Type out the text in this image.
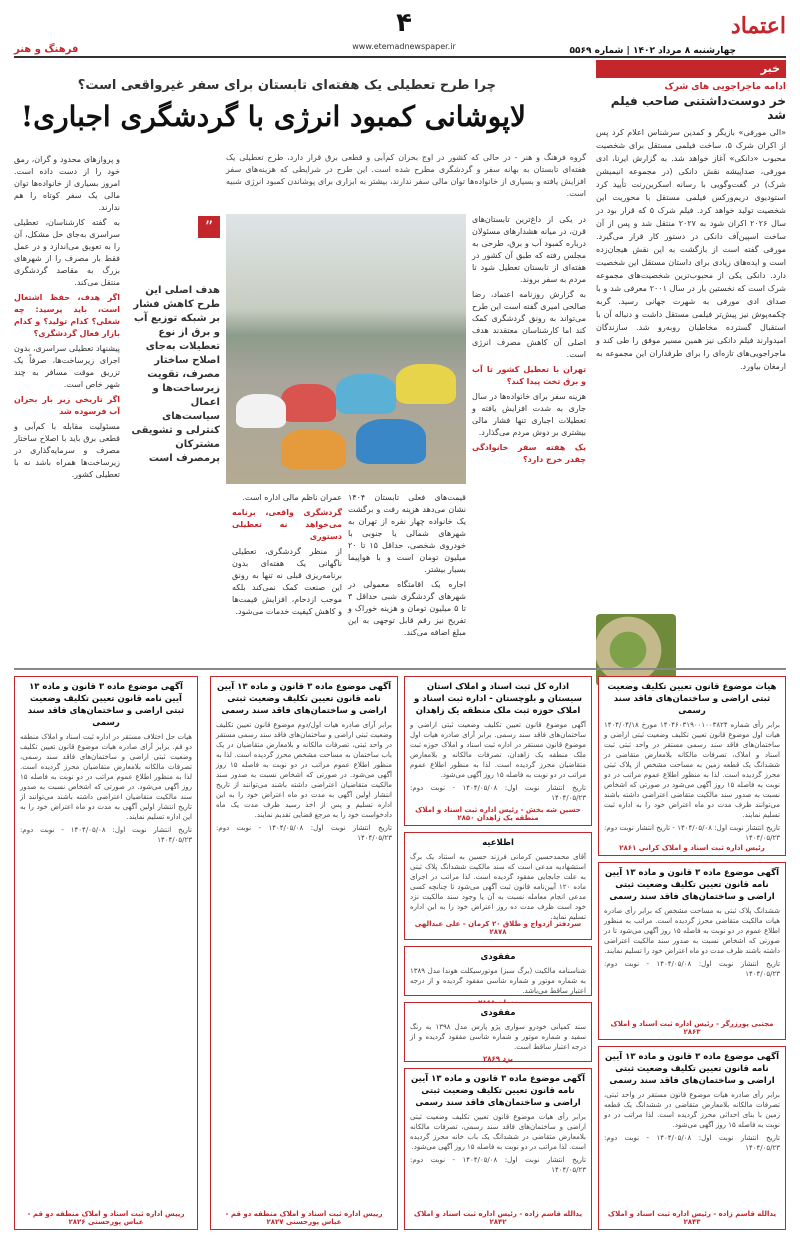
اعتماد
۴
www.etemadnewspaper.ir	چهارشنبه ۸ مرداد ۱۴۰۲ | شماره ۵۵۶۹
فرهنگ و هنر
خبر
ادامه ماجراجویی های شرک
خر دوست‌داشتنی صاحب فیلم شد

«الی مورفی» بازیگر و کمدین سرشناس اعلام کرد پس از اکران شرک ۵، ساخت فیلمی مستقل برای شخصیت محبوب «دانکی» آغاز خواهد شد. به گزارش ایرنا، ادی مورفی، صداپیشه نقش دانکی (در مجموعه انیمیشن شرک) در گفت‌وگویی با رسانه اسکرین‌رنت تأیید کرد استودیوی دریم‌ورکس فیلمی مستقل با محوریت این شخصیت تولید خواهد کرد. فیلم شرک ۵ که قرار بود در سال ۲۰۲۶ اکران شود به ۲۰۲۷ منتقل شد و پس از آن ساخت اسپین‌آف دانکی در دستور کار قرار می‌گیرد. مورفی گفته است از بازگشت به این نقش هیجان‌زده است و ایده‌های زیادی برای داستان مستقل این شخصیت دارد. دانکی یکی از محبوب‌ترین شخصیت‌های مجموعه شرک است که نخستین بار در سال ۲۰۰۱ معرفی شد و با صدای ادی مورفی به شهرت جهانی رسید. گربه چکمه‌پوش نیز پیش‌تر فیلمی مستقل داشت و دنباله آن با استقبال گسترده مخاطبان روبه‌رو شد. سازندگان امیدوارند فیلم دانکی نیز همین مسیر موفق را طی کند و ماجراجویی‌های تازه‌ای را برای طرفداران این مجموعه به ارمغان بیاورد.

چرا طرح تعطیلی یک هفته‌ای تابستان برای سفر غیرواقعی است؟
لاپوشانی کمبود انرژی با گردشگری اجباری!
گروه فرهنگ و هنر - در حالی که کشور در اوج بحران کم‌آبی و قطعی برق قرار دارد، طرح تعطیلی یک هفته‌ای تابستان به بهانه سفر و گردشگری مطرح شده است. این طرح در شرایطی که هزینه‌های سفر افزایش یافته و بسیاری از خانواده‌ها توان مالی سفر ندارند، بیشتر به ابزاری برای پوشاندن کمبود انرژی شبیه است.
”
هدف اصلی این طرح کاهش فشار بر شبکه توزیع آب و برق از نوع تعطیلات به‌جای اصلاح ساختار مصرف، تقویت زیرساخت‌ها و اعمال سیاست‌های کنترلی و تشویقی مشترکان پرمصرف است

در یکی از داغ‌ترین تابستان‌های قرن، در میانه هشدارهای مسئولان درباره کمبود آب و برق، طرحی به مجلس رفته که طبق آن کشور در هفته‌ای از تابستان تعطیل شود تا مردم به سفر بروند.

به گزارش روزنامه اعتماد، رضا صالحی امیری گفته است این طرح می‌تواند به رونق گردشگری کمک کند اما کارشناسان معتقدند هدف اصلی آن کاهش مصرف انرژی است.

تهران با تعطیل کشور تا آب و برق تخت پیدا کند؟

هزینه سفر برای خانواده‌ها در سال جاری به شدت افزایش یافته و تعطیلات اجباری تنها فشار مالی بیشتری بر دوش مردم می‌گذارد.

یک هفته سفر خانوادگی چقدر خرج دارد؟

و پروازهای محدود و گران، رمق خود را از دست داده است. امروز بسیاری از خانواده‌ها توان مالی یک سفر کوتاه را هم ندارند.

به گفته کارشناسان، تعطیلی سراسری به‌جای حل مشکل، آن را به تعویق می‌اندازد و در عمل فقط بار مصرف را از شهرهای بزرگ به مقاصد گردشگری منتقل می‌کند.

اگر هدف، حفظ اشتغال است، باید پرسید: چه شغلی؟ کدام تولید؟ و کدام بازار فعال گردشگری؟

پیشنهاد تعطیلی سراسری، بدون اجرای زیرساخت‌ها، صرفاً یک تزریق موقت مسافر به چند شهر خاص است.

اگر تاریخی زیر بار بحران آب فرسوده شد

مسئولیت مقابله با کم‌آبی و قطعی برق باید با اصلاح ساختار مصرف و سرمایه‌گذاری در زیرساخت‌ها همراه باشد نه با تعطیلی کشور.

قیمت‌های فعلی تابستان ۱۴۰۴ نشان می‌دهد هزینه رفت و برگشت یک خانواده چهار نفره از تهران به شهرهای شمالی یا جنوبی با خودروی شخصی، حداقل ۱۵ تا ۲۰ میلیون تومان است و با هواپیما بسیار بیشتر.

اجاره یک اقامتگاه معمولی در شهرهای گردشگری شبی حداقل ۳ تا ۵ میلیون تومان و هزینه خوراک و تفریح نیز رقم قابل توجهی به این مبلغ اضافه می‌کند.

عمران ناظم مالی اداره است.

گردشگری واقعی، برنامه می‌خواهد نه تعطیلی دستوری

از منظر گردشگری، تعطیلی ناگهانی یک هفته‌ای بدون برنامه‌ریزی قبلی نه تنها به رونق این صنعت کمک نمی‌کند بلکه موجب ازدحام، افزایش قیمت‌ها و کاهش کیفیت خدمات می‌شود.

هیات موضوع قانون تعیین تکلیف وضعیت ثبتی اراضی و ساختمان‌های فاقد سند رسمی
برابر رأی شماره ۱۴۰۴۶۰۳۱۹۰۰۱۰۰۳۸۲۴ مورخ ۱۴۰۴/۰۴/۱۸ هیات اول موضوع قانون تعیین تکلیف وضعیت ثبتی اراضی و ساختمان‌های فاقد سند رسمی مستقر در واحد ثبتی ثبت اسناد و املاک، تصرفات مالکانه بلامعارض متقاضی در ششدانگ یک قطعه زمین به مساحت مشخص از پلاک ثبتی محرز گردیده است. لذا به منظور اطلاع عموم مراتب در دو نوبت به فاصله ۱۵ روز آگهی می‌شود در صورتی که اشخاص نسبت به صدور سند مالکیت متقاضی اعتراضی داشته باشند می‌توانند ظرف مدت دو ماه اعتراض خود را به اداره ثبت تسلیم نمایند.
تاریخ انتشار نوبت اول: ۱۴۰۴/۰۵/۰۸ - تاریخ انتشار نوبت دوم: ۱۴۰۴/۰۵/۲۳
رئیس اداره ثبت اسناد و املاک کرانی ۲۸۶۱
آگهی موضوع ماده ۳ قانون و ماده ۱۳ آیین نامه قانون تعیین تکلیف وضعیت ثبتی اراضی و ساختمان‌های فاقد سند رسمی
ششدانگ پلاک ثبتی به مساحت مشخص که برابر رأی صادره هیات مالکیت متقاضی محرز گردیده است. مراتب به منظور اطلاع عموم در دو نوبت به فاصله ۱۵ روز آگهی می‌شود تا در صورتی که اشخاص نسبت به صدور سند مالکیت اعتراضی داشته باشند ظرف مدت دو ماه اعتراض خود را تسلیم نمایند.
تاریخ انتشار نوبت اول: ۱۴۰۴/۰۵/۰۸ - نوبت دوم: ۱۴۰۴/۰۵/۲۳
مجتبی پورزرگر - رئیس اداره ثبت اسناد و املاک ۲۸۶۳
آگهی موضوع ماده ۳ قانون و ماده ۱۳ آیین نامه قانون تعیین تکلیف وضعیت ثبتی اراضی و ساختمان‌های فاقد سند رسمی
برابر رأی صادره هیات موضوع قانون مستقر در واحد ثبتی، تصرفات مالکانه بلامعارض متقاضی در ششدانگ یک قطعه زمین با بنای احداثی محرز گردیده است. لذا مراتب در دو نوبت به فاصله ۱۵ روز آگهی می‌شود.
تاریخ انتشار نوبت اول: ۱۴۰۴/۰۵/۰۸ - نوبت دوم: ۱۴۰۴/۰۵/۲۳
یدالله قاسم زاده - رئیس اداره ثبت اسناد و املاک ۲۸۴۳
اداره کل ثبت اسناد و املاک استان سیستان و بلوچستان - اداره ثبت اسناد و املاک حوزه ثبت ملک منطقه یک زاهدان
آگهی موضوع قانون تعیین تکلیف وضعیت ثبتی اراضی و ساختمان‌های فاقد سند رسمی. برابر آرای صادره هیات اول موضوع قانون مستقر در اداره ثبت اسناد و املاک حوزه ثبت ملک منطقه یک زاهدان، تصرفات مالکانه و بلامعارض متقاضیان محرز گردیده است. لذا به منظور اطلاع عموم مراتب در دو نوبت به فاصله ۱۵ روز آگهی می‌شود.
تاریخ انتشار نوبت اول: ۱۴۰۴/۰۵/۰۸ - نوبت دوم: ۱۴۰۴/۰۵/۲۳
حسین شه بخش - رئیس اداره ثبت اسناد و املاک منطقه یک زاهدان ۲۸۵۰
اطلاعیه
آقای محمدحسین کرمانی فرزند حسین به استناد یک برگ استشهادیه مدعی است که سند مالکیت ششدانگ پلاک ثبتی به علت جابجایی مفقود گردیده است. لذا مراتب در اجرای ماده ۱۲۰ آیین‌نامه قانون ثبت آگهی می‌شود تا چنانچه کسی مدعی انجام معامله نسبت به آن یا وجود سند مالکیت نزد خود است ظرف مدت ده روز اعتراض خود را به این اداره تسلیم نماید.
سردفتر ازدواج و طلاق ۲۰ کرمان - علی عبدالهی ۲۸۷۸
مفقودی
شناسنامه مالکیت (برگ سبز) موتورسیکلت هوندا مدل ۱۳۸۹ به شماره موتور و شماره شاسی مفقود گردیده و از درجه اعتبار ساقط می‌باشد.
مفقودی
سند کمپانی خودرو سواری پژو پارس مدل ۱۳۹۸ به رنگ سفید و شماره موتور و شماره شاسی مفقود گردیده و از درجه اعتبار ساقط است.
یزد ۲۸۶۹
آگهی موضوع ماده ۳ قانون و ماده ۱۳ آیین نامه قانون تعیین تکلیف وضعیت ثبتی اراضی و ساختمان‌های فاقد سند رسمی
برابر رأی هیات موضوع قانون تعیین تکلیف وضعیت ثبتی اراضی و ساختمان‌های فاقد سند رسمی، تصرفات مالکانه بلامعارض متقاضی در ششدانگ یک باب خانه محرز گردیده است. لذا مراتب در دو نوبت به فاصله ۱۵ روز آگهی می‌شود.
تاریخ انتشار نوبت اول: ۱۴۰۴/۰۵/۰۸ - نوبت دوم: ۱۴۰۴/۰۵/۲۳
یدالله قاسم زاده - رئیس اداره ثبت اسناد و املاک ۲۸۴۲
آگهی موضوع ماده ۳ قانون و ماده ۱۳ آیین نامه قانون تعیین تکلیف وضعیت ثبتی اراضی و ساختمان‌های فاقد سند رسمی
برابر آرای صادره هیات اول/دوم موضوع قانون تعیین تکلیف وضعیت ثبتی اراضی و ساختمان‌های فاقد سند رسمی مستقر در واحد ثبتی، تصرفات مالکانه و بلامعارض متقاضیان در یک باب ساختمان به مساحت مشخص محرز گردیده است. لذا به منظور اطلاع عموم مراتب در دو نوبت به فاصله ۱۵ روز آگهی می‌شود. در صورتی که اشخاص نسبت به صدور سند مالکیت متقاضیان اعتراضی داشته باشند می‌توانند از تاریخ انتشار اولین آگهی به مدت دو ماه اعتراض خود را به این اداره تسلیم و پس از اخذ رسید ظرف مدت یک ماه دادخواست خود را به مرجع قضایی تقدیم نمایند.
تاریخ انتشار نوبت اول: ۱۴۰۴/۰۵/۰۸ - نوبت دوم: ۱۴۰۴/۰۵/۲۳
رییس اداره ثبت اسناد و املاک منطقه دو قم - عباس پورحسنی ۲۸۲۷
آگهی موضوع ماده ۳ قانون و ماده ۱۳ آیین نامه قانون تعیین تکلیف وضعیت ثبتی اراضی و ساختمان‌های فاقد سند رسمی
هیات حل اختلاف مستقر در اداره ثبت اسناد و املاک منطقه دو قم. برابر آرای صادره هیات موضوع قانون تعیین تکلیف وضعیت ثبتی اراضی و ساختمان‌های فاقد سند رسمی، تصرفات مالکانه بلامعارض متقاضیان محرز گردیده است. لذا به منظور اطلاع عموم مراتب در دو نوبت به فاصله ۱۵ روز آگهی می‌شود. در صورتی که اشخاص نسبت به صدور سند مالکیت متقاضیان اعتراضی داشته باشند می‌توانند از تاریخ انتشار اولین آگهی به مدت دو ماه اعتراض خود را به این اداره تسلیم نمایند.
تاریخ انتشار نوبت اول: ۱۴۰۴/۰۵/۰۸ - نوبت دوم: ۱۴۰۴/۰۵/۲۳
رییس اداره ثبت اسناد و املاک منطقه دو قم - عباس پورحسنی ۲۸۲۶
